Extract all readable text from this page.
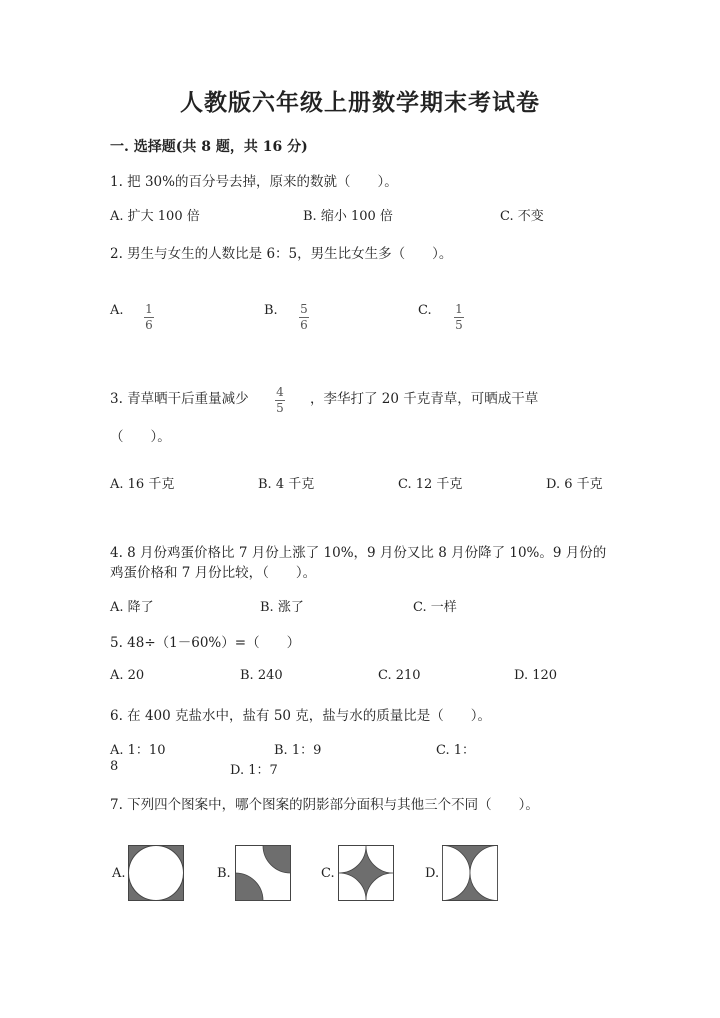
人教版六年级上册数学期末考试卷
一. 选择题(共 8 题，共 16 分)
1. 把 30%的百分号去掉，原来的数就（　　）。
A. 扩大 100 倍	B. 缩小 100 倍	C. 不变
2. 男生与女生的人数比是 6：5，男生比女生多（　　）。
A. $\frac{1}{6}$	B. $\frac{5}{6}$	C. $\frac{1}{5}$
3. 青草晒干后重量减少 $\frac{4}{5}$ ，李华打了 20 千克青草，可晒成干草
（　　）。
A. 16 千克	B. 4 千克	C. 12 千克	D. 6 千克
4. 8 月份鸡蛋价格比 7 月份上涨了 10%，9 月份又比 8 月份降了 10%。9 月份的
鸡蛋价格和 7 月份比较，（　　）。
A. 降了	B. 涨了	C. 一样
5. 48÷（1－60%）=（　　）
A. 20	B. 240	C. 210	D. 120
6. 在 400 克盐水中，盐有 50 克，盐与水的质量比是（　　）。
A. 1：10	B. 1：9	C. 1：
8	D. 1：7
7. 下列四个图案中，哪个图案的阴影部分面积与其他三个不同（　　）。
A.	B.	C.	D.
